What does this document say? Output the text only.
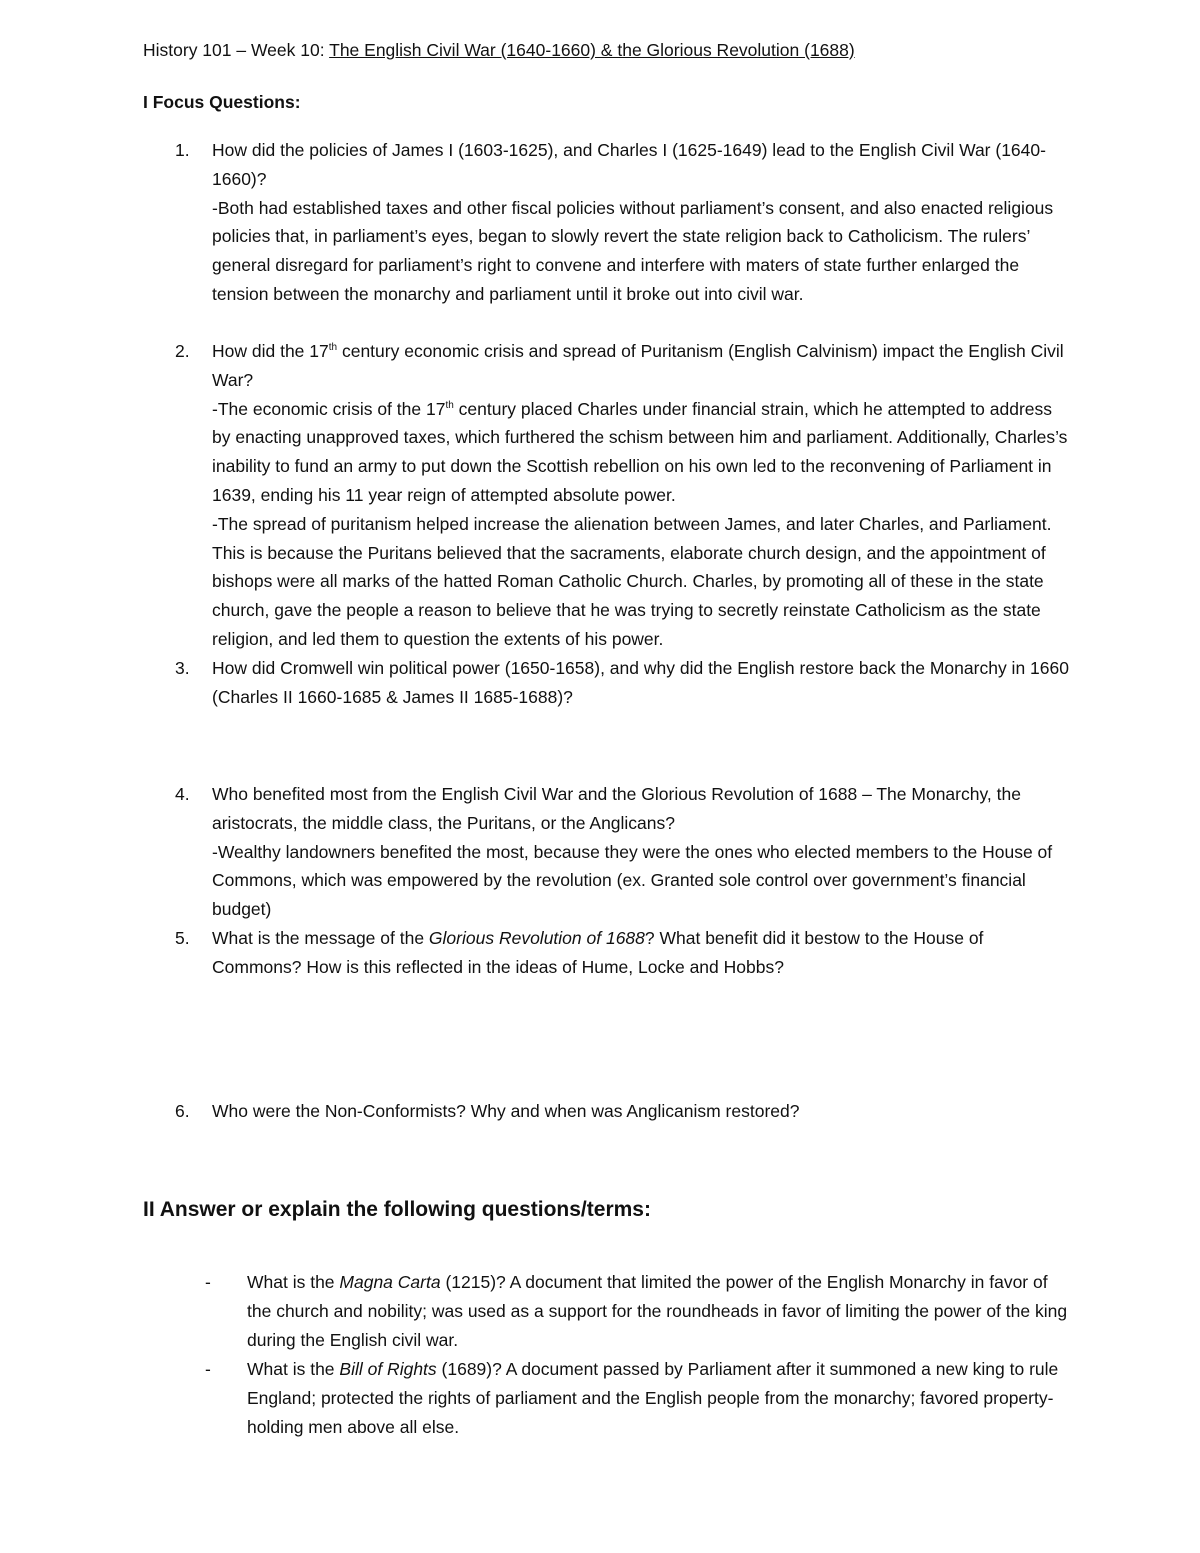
History 101 – Week 10: The English Civil War (1640-1660) & the Glorious Revolution (1688)
I Focus Questions:
1. How did the policies of James I (1603-1625), and Charles I (1625-1649) lead to the English Civil War (1640-1660)?

-Both had established taxes and other fiscal policies without parliament’s consent, and also enacted religious policies that, in parliament’s eyes, began to slowly revert the state religion back to Catholicism. The rulers’ general disregard for parliament’s right to convene and interfere with maters of state further enlarged the tension between the monarchy and parliament until it broke out into civil war.

2. How did the 17th century economic crisis and spread of Puritanism (English Calvinism) impact the English Civil War?

-The economic crisis of the 17th century placed Charles under financial strain, which he attempted to address by enacting unapproved taxes, which furthered the schism between him and parliament. Additionally, Charles’s inability to fund an army to put down the Scottish rebellion on his own led to the reconvening of Parliament in 1639, ending his 11 year reign of attempted absolute power.

-The spread of puritanism helped increase the alienation between James, and later Charles, and Parliament. This is because the Puritans believed that the sacraments, elaborate church design, and the appointment of bishops were all marks of the hatted Roman Catholic Church. Charles, by promoting all of these in the state church, gave the people a reason to believe that he was trying to secretly reinstate Catholicism as the state religion, and led them to question the extents of his power.

3. How did Cromwell win political power (1650-1658), and why did the English restore back the Monarchy in 1660 (Charles II 1660-1685 & James II 1685-1688)?

4. Who benefited most from the English Civil War and the Glorious Revolution of 1688 – The Monarchy, the aristocrats, the middle class, the Puritans, or the Anglicans?

-Wealthy landowners benefited the most, because they were the ones who elected members to the House of Commons, which was empowered by the revolution (ex. Granted sole control over government’s financial budget)

5. What is the message of the Glorious Revolution of 1688? What benefit did it bestow to the House of Commons? How is this reflected in the ideas of Hume, Locke and Hobbs?

6. Who were the Non-Conformists? Why and when was Anglicanism restored?

II Answer or explain the following questions/terms:
- What is the Magna Carta (1215)? A document that limited the power of the English Monarchy in favor of the church and nobility; was used as a support for the roundheads in favor of limiting the power of the king during the English civil war.
- What is the Bill of Rights (1689)? A document passed by Parliament after it summoned a new king to rule England; protected the rights of parliament and the English people from the monarchy; favored property-holding men above all else.
